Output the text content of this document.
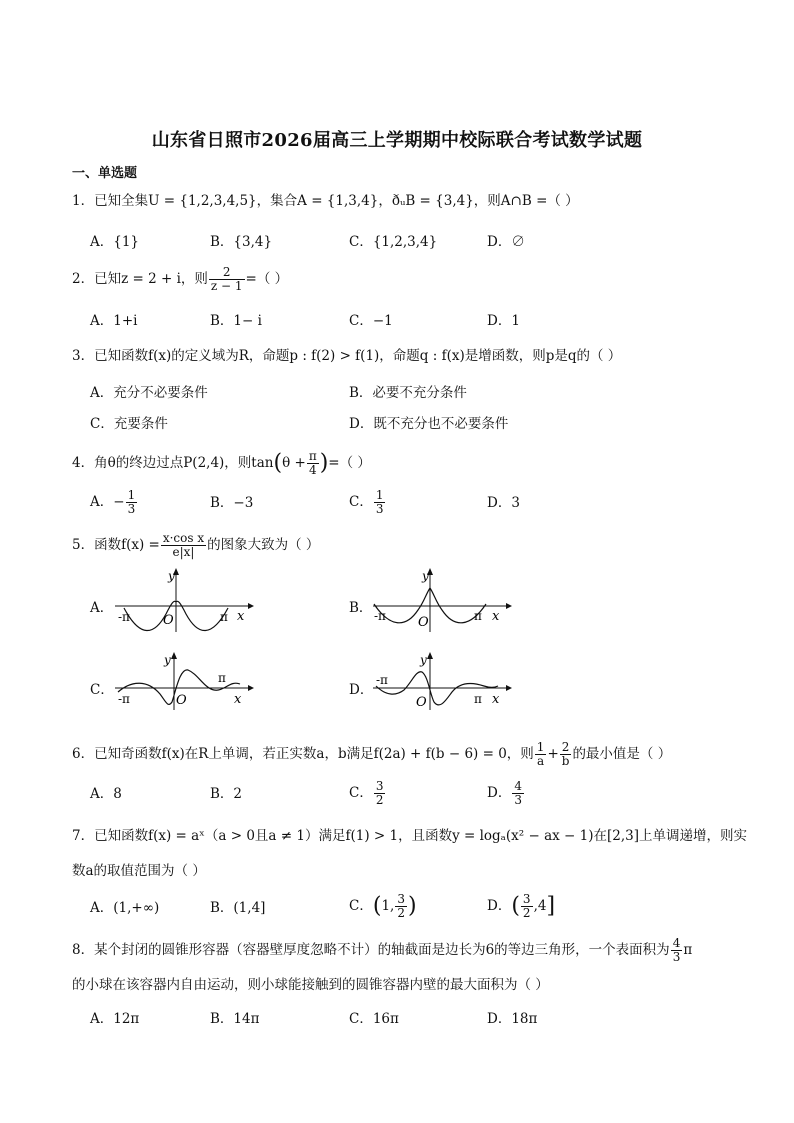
山东省日照市2026届高三上学期期中校际联合考试数学试题
一、单选题
1．已知全集U = {1,2,3,4,5}，集合A = {1,3,4}，ðᵤB = {3,4}，则A∩B =（ ）
A．{1}	B．{3,4}	C．{1,2,3,4}	D．∅
2．已知z = 2 + i，则 $\frac{2}{z - 1}$ =（ ）
A．1+i	B．1− i	C．−1	D．1
3．已知函数f(x)的定义域为R，命题p : f(2) > f(1)，命题q : f(x)是增函数，则p是q的（ ）
A．充分不必要条件	B．必要不充分条件
C．充要条件	D．既不充分也不必要条件
4．角θ的终边过点P(2,4)，则$\tan(\theta + \frac{\pi}{4}$ )=（ ）
A．− $\frac{1}{3}$	B．−3	C． $\frac{1}{3}$	D．3
5．函数$f(x) = \frac{\text{x·cos x}}{e|x|}$ 的图象大致为（ ）
A．
y
x
O
-π	π
B．
y
x
O
-π	π
C．
y
x
O
-π
π
D．
y
x
O
-π
π
6．已知奇函数f(x)在R上单调，若正实数a，b满足f(2a) + f(b − 6) = 0，则 $\frac{1}{a} + \frac{2}{b}$ 的最小值是（ ）
A．8	B．2	C． $\frac{3}{2}$	D． $\frac{4}{3}$
7．已知函数f(x) = aˣ（a > 0且a ≠ 1）满足f(1) > 1，且函数y = logₐ(x² − ax − 1)在[2,3]上单调递增，则实
数a的取值范围为（ ）
A．(1,+∞)	B．(1,4]	C．(1, $\frac{3}{2}$ )	D．( $\frac{3}{2} ,4$]
8．某个封闭的圆锥形容器（容器壁厚度忽略不计）的轴截面是边长为6的等边三角形，一个表面积为 $\frac{4}{3}$ π
的小球在该容器内自由运动，则小球能接触到的圆锥容器内壁的最大面积为（ ）
A．12π	B．14π	C．16π	D．18π
